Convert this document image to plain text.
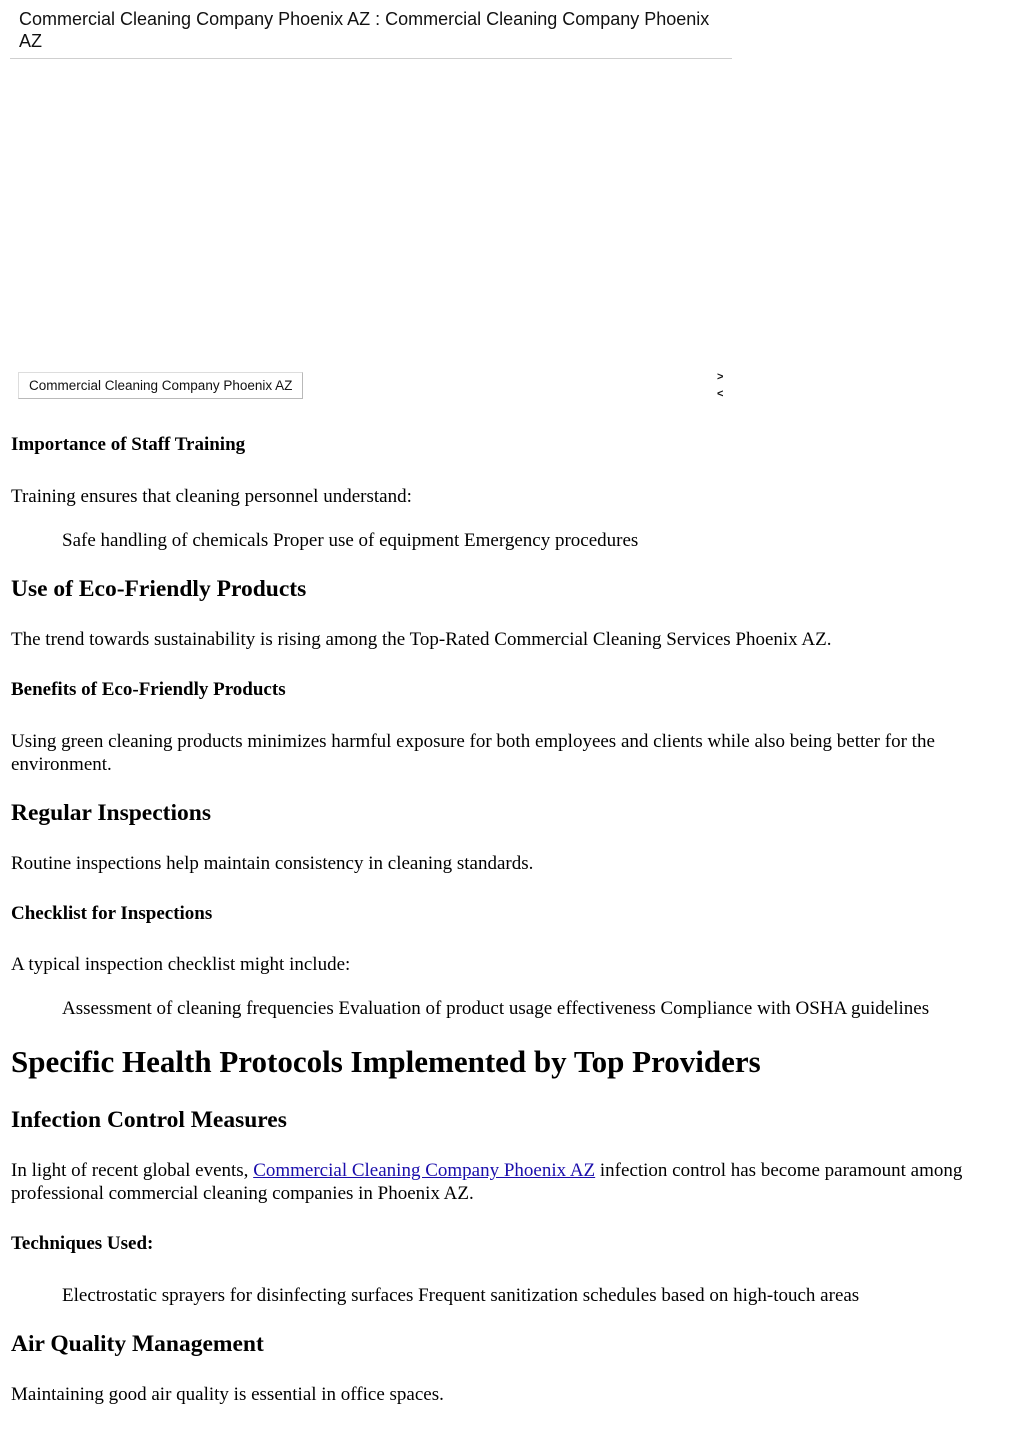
Commercial Cleaning Company Phoenix AZ : Commercial Cleaning Company Phoenix AZ
Commercial Cleaning Company Phoenix AZ
>
<
Importance of Staff Training
Training ensures that cleaning personnel understand:
Safe handling of chemicals Proper use of equipment Emergency procedures
Use of Eco-Friendly Products
The trend towards sustainability is rising among the Top-Rated Commercial Cleaning Services Phoenix AZ.
Benefits of Eco-Friendly Products
Using green cleaning products minimizes harmful exposure for both employees and clients while also being better for the environment.
Regular Inspections
Routine inspections help maintain consistency in cleaning standards.
Checklist for Inspections
A typical inspection checklist might include:
Assessment of cleaning frequencies Evaluation of product usage effectiveness Compliance with OSHA guidelines
Specific Health Protocols Implemented by Top Providers
Infection Control Measures
In light of recent global events, Commercial Cleaning Company Phoenix AZ infection control has become paramount among professional commercial cleaning companies in Phoenix AZ.
Techniques Used:
Electrostatic sprayers for disinfecting surfaces Frequent sanitization schedules based on high-touch areas
Air Quality Management
Maintaining good air quality is essential in office spaces.
